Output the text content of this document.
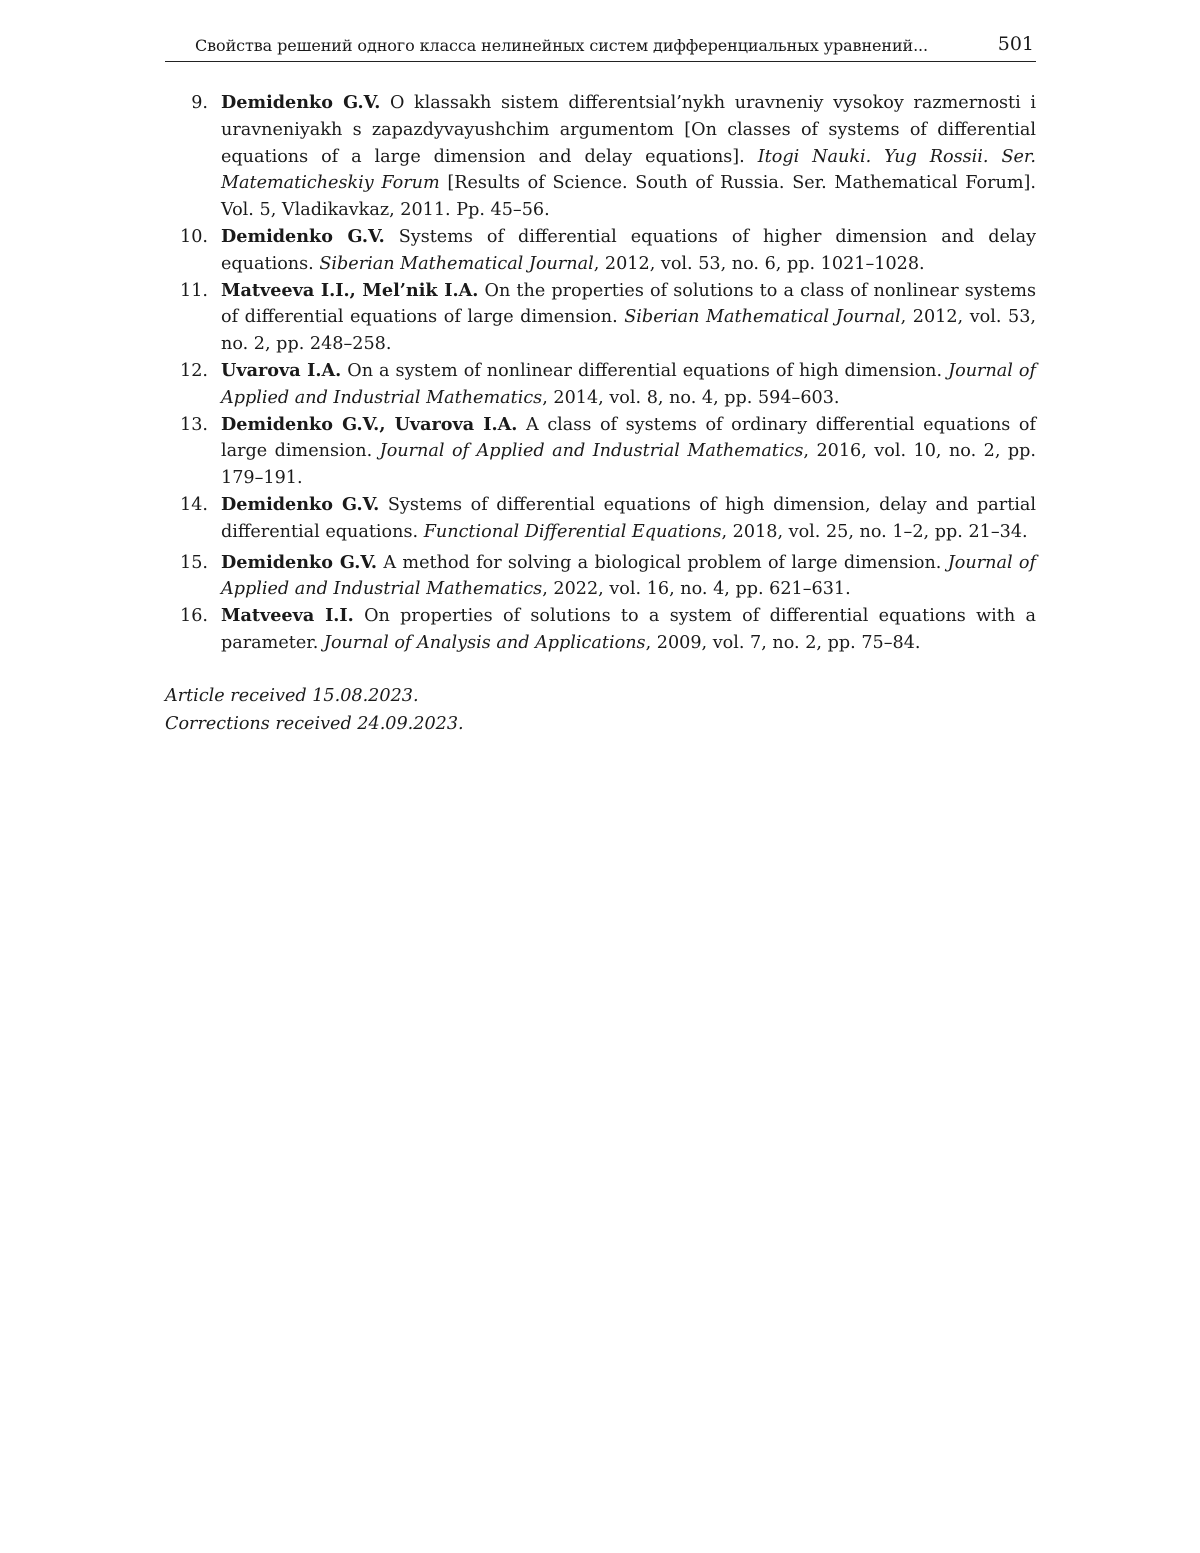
Свойства решений одного класса нелинейных систем дифференциальных уравнений...	501
9. Demidenko G.V. O klassakh sistem differentsial’nykh uravneniy vysokoy razmernosti i uravneniyakh s zapazdyvayushchim argumentom [On classes of systems of differential equations of a large dimension and delay equations]. Itogi Nauki. Yug Rossii. Ser. Matematicheskiy Forum [Results of Science. South of Russia. Ser. Mathematical Forum]. Vol. 5, Vladikavkaz, 2011. Pp. 45–56.
10. Demidenko G.V. Systems of differential equations of higher dimension and delay equations. Siberian Mathematical Journal, 2012, vol. 53, no. 6, pp. 1021–1028.
11. Matveeva I.I., Mel’nik I.A. On the properties of solutions to a class of nonlinear systems of differential equations of large dimension. Siberian Mathematical Journal, 2012, vol. 53, no. 2, pp. 248–258.
12. Uvarova I.A. On a system of nonlinear differential equations of high dimension. Journal of Applied and Industrial Mathematics, 2014, vol. 8, no. 4, pp. 594–603.
13. Demidenko G.V., Uvarova I.A. A class of systems of ordinary differential equations of large dimension. Journal of Applied and Industrial Mathematics, 2016, vol. 10, no. 2, pp. 179–191.
14. Demidenko G.V. Systems of differential equations of high dimension, delay and partial differential equations. Functional Differential Equations, 2018, vol. 25, no. 1–2, pp. 21–34.
15. Demidenko G.V. A method for solving a biological problem of large dimension. Journal of Applied and Industrial Mathematics, 2022, vol. 16, no. 4, pp. 621–631.
16. Matveeva I.I. On properties of solutions to a system of differential equations with a parameter. Journal of Analysis and Applications, 2009, vol. 7, no. 2, pp. 75–84.
Article received 15.08.2023.
Corrections received 24.09.2023.
